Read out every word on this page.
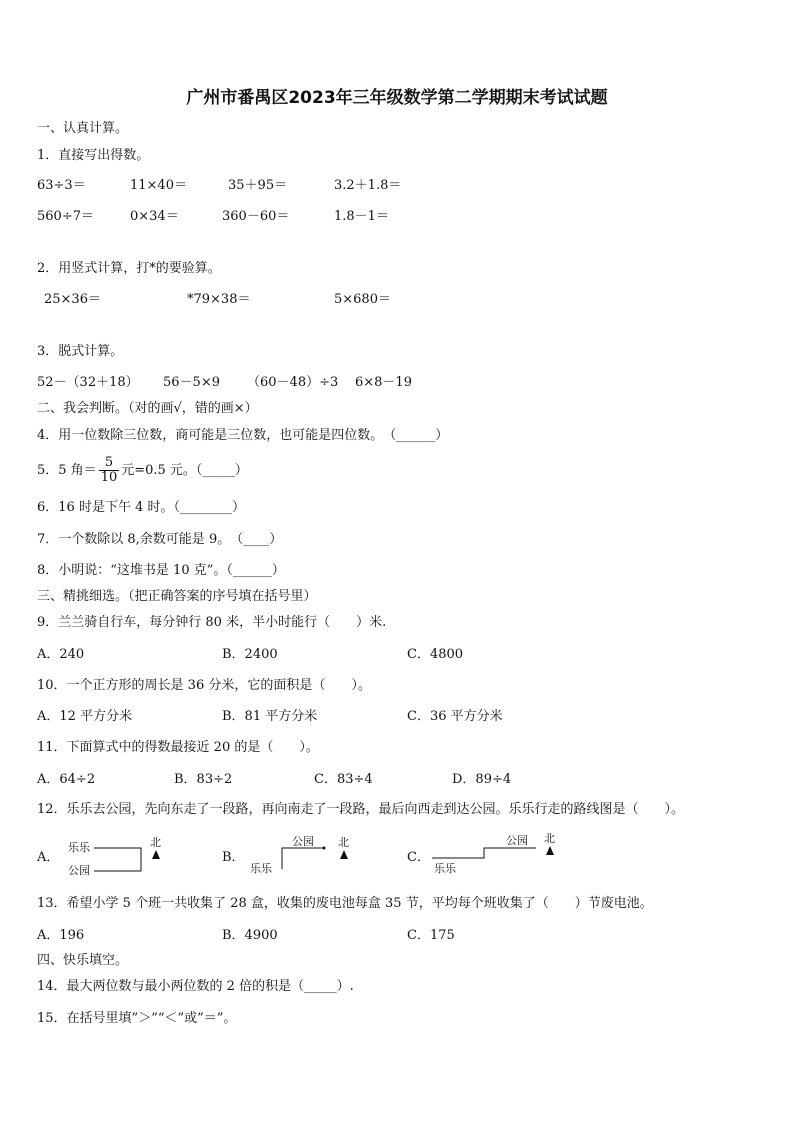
广州市番禺区2023年三年级数学第二学期期末考试试题
一、认真计算。
1．直接写出得数。
63÷3＝	11×40＝	35＋95＝	3.2＋1.8＝
560÷7＝	0×34＝	360－60＝	1.8－1＝
2．用竖式计算，打*的要验算。
25×36＝	*79×38＝	5×680＝
3．脱式计算。
52－（32＋18） 56－5×9 （60－48）÷3 6×8－19
二、我会判断。（对的画√，错的画×）
4．用一位数除三位数，商可能是三位数，也可能是四位数。　（______）
5．5 角＝ $\frac{5}{10}$ 元=0.5 元。（_____）
6．16 时是下午 4 时。（________）
7．一个数除以 8,余数可能是 9。　（____）
8．小明说：“这堆书是 10 克”。（______）
三、精挑细选。（把正确答案的序号填在括号里）
9．兰兰骑自行车，每分钟行 80 米，半小时能行（　　）米.
A．240	B．2400	C．4800
10．一个正方形的周长是 36 分米，它的面积是（　　）。
A．12 平方分米	B．81 平方分米	C．36 平方分米
11．下面算式中的得数最接近 20 的是（　　）。
A．64÷2	B．83÷2	C．83÷4	D．89÷4
12．乐乐去公园，先向东走了一段路，再向南走了一段路，最后向西走到达公园。乐乐行走的路线图是（　　）。
A．
乐乐
公园
北
B．
公园
乐乐
北
C．
公园
乐乐
北
13．希望小学 5 个班一共收集了 28 盒，收集的废电池每盒 35 节，平均每个班收集了（　　）节废电池。
A．196	B．4900	C．175
四、快乐填空。
14．最大两位数与最小两位数的 2 倍的积是（_____）.
15．在括号里填”＞”“＜”或”＝”。
